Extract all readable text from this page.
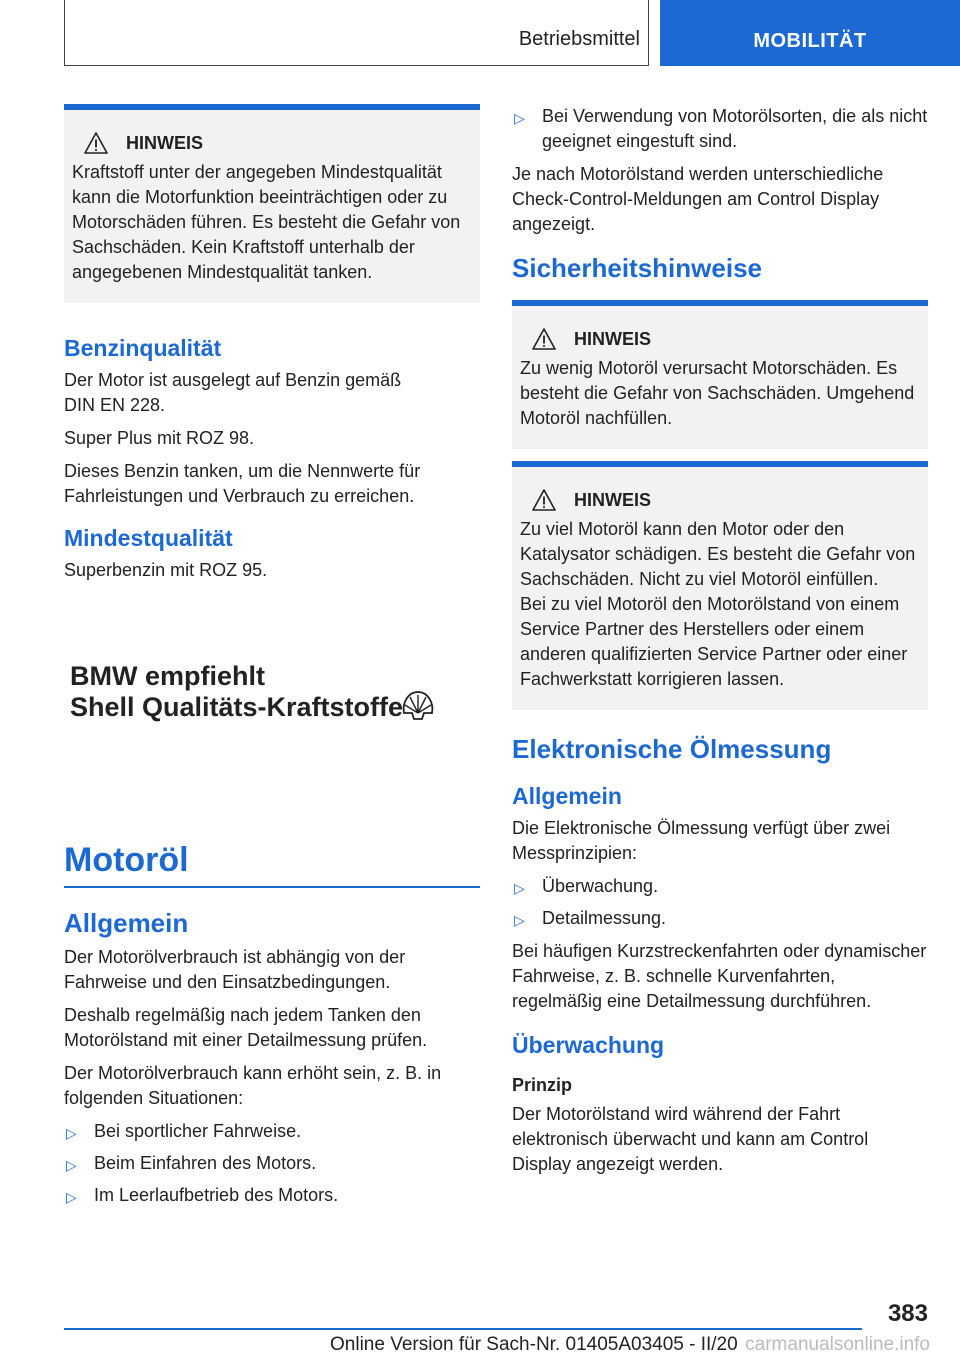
Betriebsmittel	MOBILITÄT
HINWEIS

Kraftstoff unter der angegeben Mindestqualität kann die Motorfunktion beeinträchtigen oder zu Motorschäden führen. Es besteht die Gefahr von Sachschäden. Kein Kraftstoff unterhalb der angegebenen Mindestqualität tanken.

Benzinqualität

Der Motor ist ausgelegt auf Benzin gemäß DIN EN 228.

Super Plus mit ROZ 98.

Dieses Benzin tanken, um die Nennwerte für Fahrleistungen und Verbrauch zu erreichen.

Mindestqualität

Superbenzin mit ROZ 95.

BMW empfiehlt
Shell Qualitäts-Kraftstoffe
Motoröl
Allgemein

Der Motorölverbrauch ist abhängig von der Fahrweise und den Einsatzbedingungen.

Deshalb regelmäßig nach jedem Tanken den Motorölstand mit einer Detailmessung prüfen.

Der Motorölverbrauch kann erhöht sein, z. B. in folgenden Situationen:

▷ Bei sportlicher Fahrweise.
▷ Beim Einfahren des Motors.
▷ Im Leerlaufbetrieb des Motors.
▷ Bei Verwendung von Motorölsorten, die als nicht geeignet eingestuft sind.

Je nach Motorölstand werden unterschiedliche Check-Control-Meldungen am Control Display angezeigt.

Sicherheitshinweise
HINWEIS

Zu wenig Motoröl verursacht Motorschäden. Es besteht die Gefahr von Sachschäden. Umgehend Motoröl nachfüllen.

HINWEIS

Zu viel Motoröl kann den Motor oder den Katalysator schädigen. Es besteht die Gefahr von Sachschäden. Nicht zu viel Motoröl einfüllen.

Bei zu viel Motoröl den Motorölstand von einem Service Partner des Herstellers oder einem anderen qualifizierten Service Partner oder einer Fachwerkstatt korrigieren lassen.

Elektronische Ölmessung
Allgemein

Die Elektronische Ölmessung verfügt über zwei Messprinzipien:

▷ Überwachung.
▷ Detailmessung.

Bei häufigen Kurzstreckenfahrten oder dynamischer Fahrweise, z. B. schnelle Kurvenfahrten, regelmäßig eine Detailmessung durchführen.

Überwachung
Prinzip

Der Motorölstand wird während der Fahrt elektronisch überwacht und kann am Control Display angezeigt werden.

383
Online Version für Sach-Nr. 01405A03405 - II/20 carmanualsonline.info
